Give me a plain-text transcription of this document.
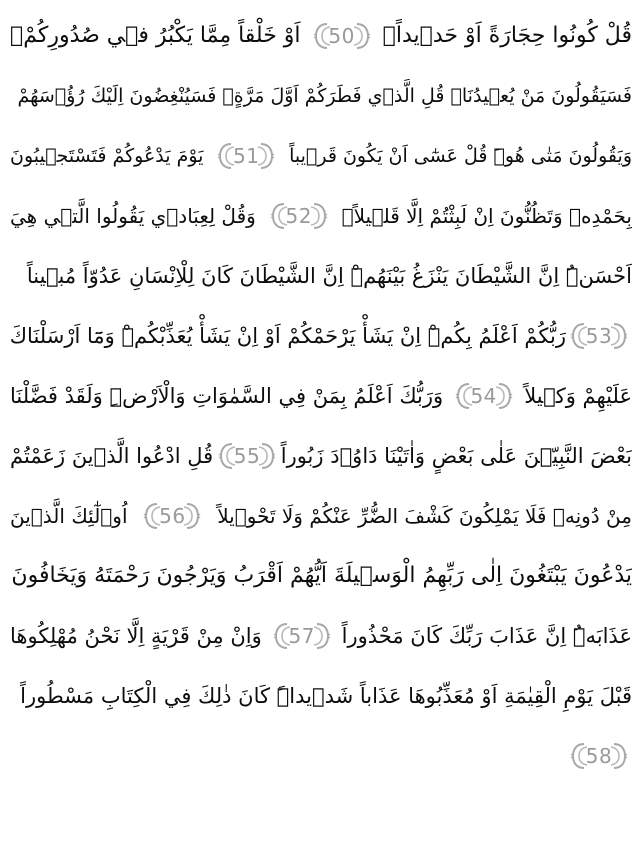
قُلْ كُونُوا حِجَارَةً اَوْ حَد۪يداًۙ
50
اَوْ خَلْقاً مِمَّا يَكْبُرُ ف۪ي صُدُورِكُمْۚ
فَسَيَقُولُونَ مَنْ يُع۪يدُنَاۜ قُلِ الَّذ۪ي فَطَرَكُمْ اَوَّلَ مَرَّةٍۚ فَسَيُنْغِضُونَ اِلَيْكَ رُؤُ۫سَهُمْ
وَيَقُولُونَ مَتٰى هُوَۜ قُلْ عَسٰٓى اَنْ يَكُونَ قَر۪يباً
51
يَوْمَ يَدْعُوكُمْ فَتَسْتَج۪يبُونَ
بِحَمْدِه۪ وَتَظُنُّونَ اِنْ لَبِثْتُمْ اِلَّا قَل۪يلاً۟
52
وَقُلْ لِعِبَاد۪ي يَقُولُوا الَّت۪ي هِيَ
اَحْسَنُۜ اِنَّ الشَّيْطَانَ يَنْزَغُ بَيْنَهُمْۜ اِنَّ الشَّيْطَانَ كَانَ لِلْاِنْسَانِ عَدُوّاً مُب۪يناً
53
رَبُّكُمْ اَعْلَمُ بِكُمْۜ اِنْ يَشَأْ يَرْحَمْكُمْ اَوْ اِنْ يَشَأْ يُعَذِّبْكُمْۜ وَمَٓا اَرْسَلْنَاكَ
عَلَيْهِمْ وَك۪يلاً
54
وَرَبُّكَ اَعْلَمُ بِمَنْ فِي السَّمٰوَاتِ وَالْاَرْضِۜ وَلَقَدْ فَضَّلْنَا
بَعْضَ النَّبِيّ۪نَ عَلٰى بَعْضٍ وَاٰتَيْنَا دَاوُ۫دَ زَبُوراً
55
قُلِ ادْعُوا الَّذ۪ينَ زَعَمْتُمْ
مِنْ دُونِه۪ فَلَا يَمْلِكُونَ كَشْفَ الضُّرِّ عَنْكُمْ وَلَا تَحْو۪يلاً
56
اُو۬لٰٓئِكَ الَّذ۪ينَ
يَدْعُونَ يَبْتَغُونَ اِلٰى رَبِّهِمُ الْوَس۪يلَةَ اَيُّهُمْ اَقْرَبُ وَيَرْجُونَ رَحْمَتَهُ وَيَخَافُونَ
عَذَابَهُۜ اِنَّ عَذَابَ رَبِّكَ كَانَ مَحْذُوراً
57
وَاِنْ مِنْ قَرْيَةٍ اِلَّا نَحْنُ مُهْلِكُوهَا
قَبْلَ يَوْمِ الْقِيٰمَةِ اَوْ مُعَذِّبُوهَا عَذَاباً شَد۪يداًۜ كَانَ ذٰلِكَ فِي الْكِتَابِ مَسْطُوراً
58
